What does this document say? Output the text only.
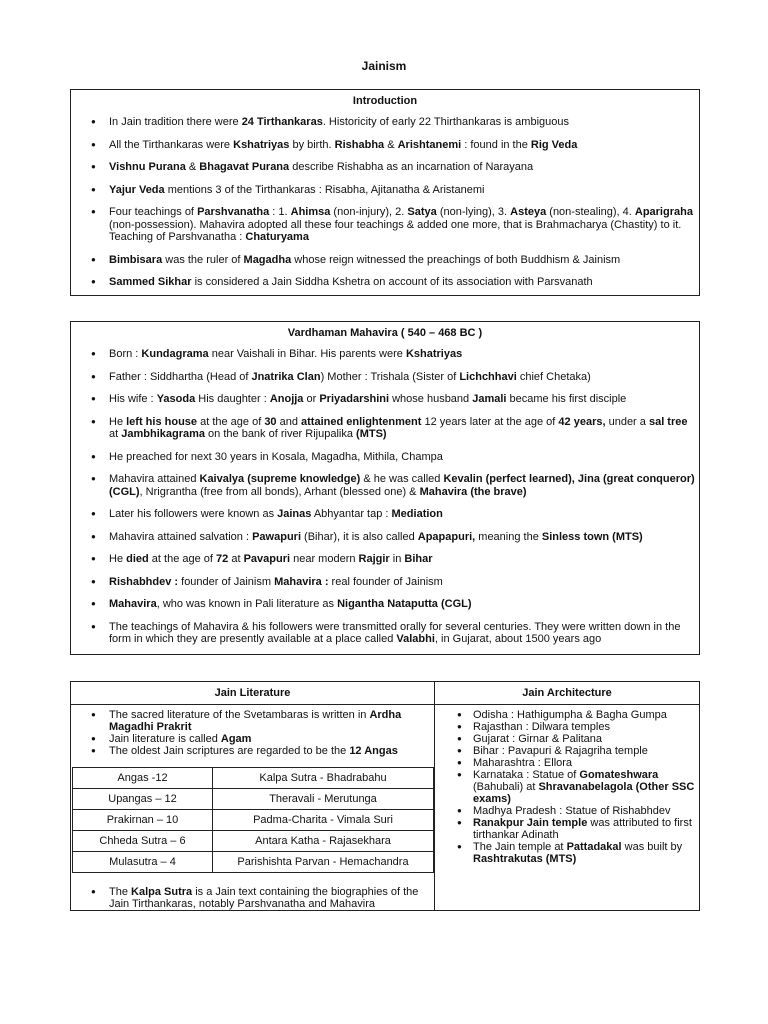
Jainism
Introduction
● In Jain tradition there were 24 Tirthankaras. Historicity of early 22 Thirthankaras is ambiguous
● All the Tirthankaras were Kshatriyas by birth. Rishabha & Arishtanemi : found in the Rig Veda
● Vishnu Purana & Bhagavat Purana describe Rishabha as an incarnation of Narayana
● Yajur Veda mentions 3 of the Tirthankaras : Risabha, Ajitanatha & Aristanemi
● Four teachings of Parshvanatha : 1. Ahimsa (non-injury), 2. Satya (non-lying), 3. Asteya (non-stealing), 4. Aparigraha (non-possession). Mahavira adopted all these four teachings & added one more, that is Brahmacharya (Chastity) to it. Teaching of Parshvanatha : Chaturyama
● Bimbisara was the ruler of Magadha whose reign witnessed the preachings of both Buddhism & Jainism
● Sammed Sikhar is considered a Jain Siddha Kshetra on account of its association with Parsvanath
Vardhaman Mahavira ( 540 – 468 BC )
● Born : Kundagrama near Vaishali in Bihar. His parents were Kshatriyas
● Father : Siddhartha (Head of Jnatrika Clan) Mother : Trishala (Sister of Lichchhavi chief Chetaka)
● His wife : Yasoda His daughter : Anojja or Priyadarshini whose husband Jamali became his first disciple
● He left his house at the age of 30 and attained enlightenment 12 years later at the age of 42 years, under a sal tree at Jambhikagrama on the bank of river Rijupalika (MTS)
● He preached for next 30 years in Kosala, Magadha, Mithila, Champa
● Mahavira attained Kaivalya (supreme knowledge) & he was called Kevalin (perfect learned), Jina (great conqueror) (CGL), Nrigrantha (free from all bonds), Arhant (blessed one) & Mahavira (the brave)
● Later his followers were known as Jainas Abhyantar tap : Mediation
● Mahavira attained salvation : Pawapuri (Bihar), it is also called Apapapuri, meaning the Sinless town (MTS)
● He died at the age of 72 at Pavapuri near modern Rajgir in Bihar
● Rishabhdev : founder of Jainism Mahavira : real founder of Jainism
● Mahavira, who was known in Pali literature as Nigantha Nataputta (CGL)
● The teachings of Mahavira & his followers were transmitted orally for several centuries. They were written down in the form in which they are presently available at a place called Valabhi, in Gujarat, about 1500 years ago
Jain Literature
● The sacred literature of the Svetambaras is written in Ardha Magadhi Prakrit
● Jain literature is called Agam
● The oldest Jain scriptures are regarded to be the 12 Angas
Angas -12	Kalpa Sutra - Bhadrabahu
Upangas – 12	Theravali - Merutunga
Prakirnan – 10	Padma-Charita - Vimala Suri
Chheda Sutra – 6	Antara Katha - Rajasekhara
Mulasutra – 4	Parishishta Parvan - Hemachandra
● The Kalpa Sutra is a Jain text containing the biographies of the Jain Tirthankaras, notably Parshvanatha and Mahavira
Jain Architecture
● Odisha : Hathigumpha & Bagha Gumpa
● Rajasthan : Dilwara temples
● Gujarat : Girnar & Palitana
● Bihar : Pavapuri & Rajagriha temple
● Maharashtra : Ellora
● Karnataka : Statue of Gomateshwara (Bahubali) at Shravanabelagola (Other SSC exams)
● Madhya Pradesh : Statue of Rishabhdev
● Ranakpur Jain temple was attributed to first tirthankar Adinath
● The Jain temple at Pattadakal was built by Rashtrakutas (MTS)
